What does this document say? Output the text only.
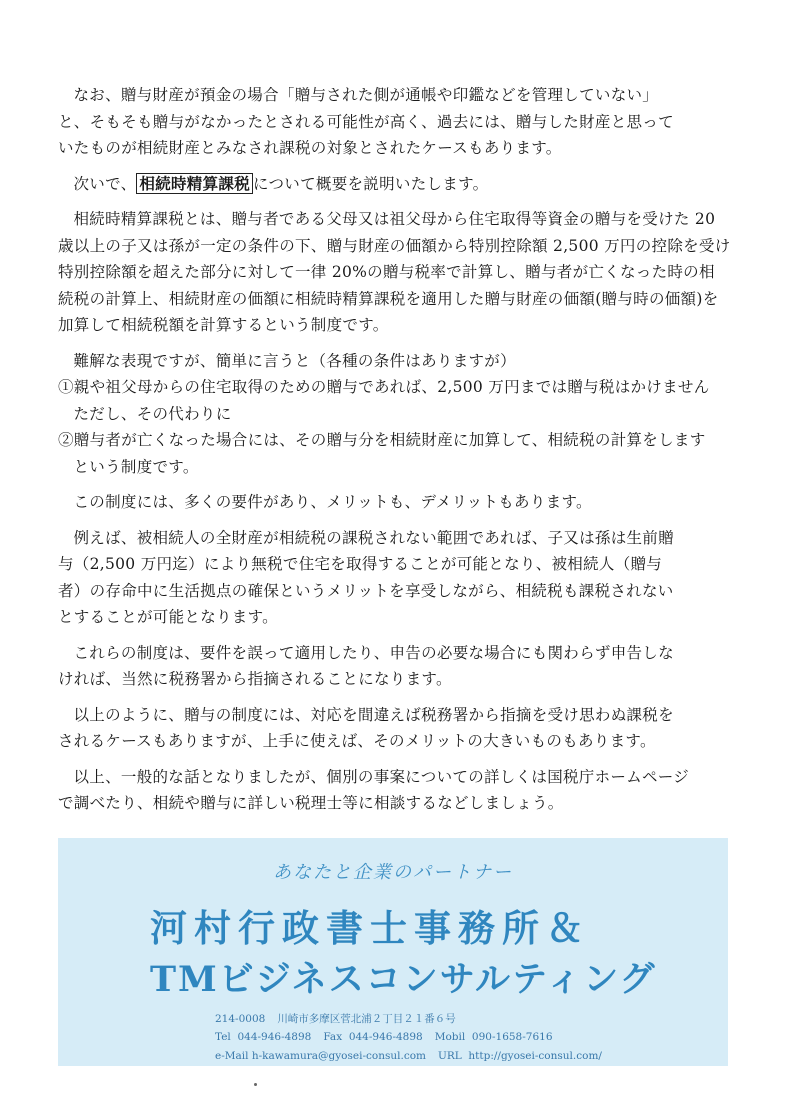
なお、贈与財産が預金の場合「贈与された側が通帳や印鑑などを管理していない」
と、そもそも贈与がなかったとされる可能性が高く、過去には、贈与した財産と思って
いたものが相続財産とみなされ課税の対象とされたケースもあります。
次いで、 相続時精算課税 について概要を説明いたします。
相続時精算課税とは、贈与者である父母又は祖父母から住宅取得等資金の贈与を受けた 20
歳以上の子又は孫が一定の条件の下、贈与財産の価額から特別控除額 2,500 万円の控除を受け
特別控除額を超えた部分に対して一律 20%の贈与税率で計算し、贈与者が亡くなった時の相
続税の計算上、相続財産の価額に相続時精算課税を適用した贈与財産の価額(贈与時の価額)を
加算して相続税額を計算するという制度です。
難解な表現ですが、簡単に言うと（各種の条件はありますが）
①親や祖父母からの住宅取得のための贈与であれば、2,500 万円までは贈与税はかけません
ただし、その代わりに
②贈与者が亡くなった場合には、その贈与分を相続財産に加算して、相続税の計算をします
という制度です。
この制度には、多くの要件があり、メリットも、デメリットもあります。
例えば、被相続人の全財産が相続税の課税されない範囲であれば、子又は孫は生前贈
与（2,500 万円迄）により無税で住宅を取得することが可能となり、被相続人（贈与
者）の存命中に生活拠点の確保というメリットを享受しながら、相続税も課税されない
とすることが可能となります。
これらの制度は、要件を誤って適用したり、申告の必要な場合にも関わらず申告しな
ければ、当然に税務署から指摘されることになります。
以上のように、贈与の制度には、対応を間違えば税務署から指摘を受け思わぬ課税を
されるケースもありますが、上手に使えば、そのメリットの大きいものもあります。
以上、一般的な話となりましたが、個別の事案についての詳しくは国税庁ホームページ
で調べたり、相続や贈与に詳しい税理士等に相談するなどしましょう。
あなたと企業のパートナー
河村行政書士事務所＆
TMビジネスコンサルティング
214-0008 川崎市多摩区菅北浦２丁目２１番６号
Tel 044-946-4898 Fax 044-946-4898 Mobil 090-1658-7616
e-Mail h-kawamura@gyosei-consul.com URL http://gyosei-consul.com/
